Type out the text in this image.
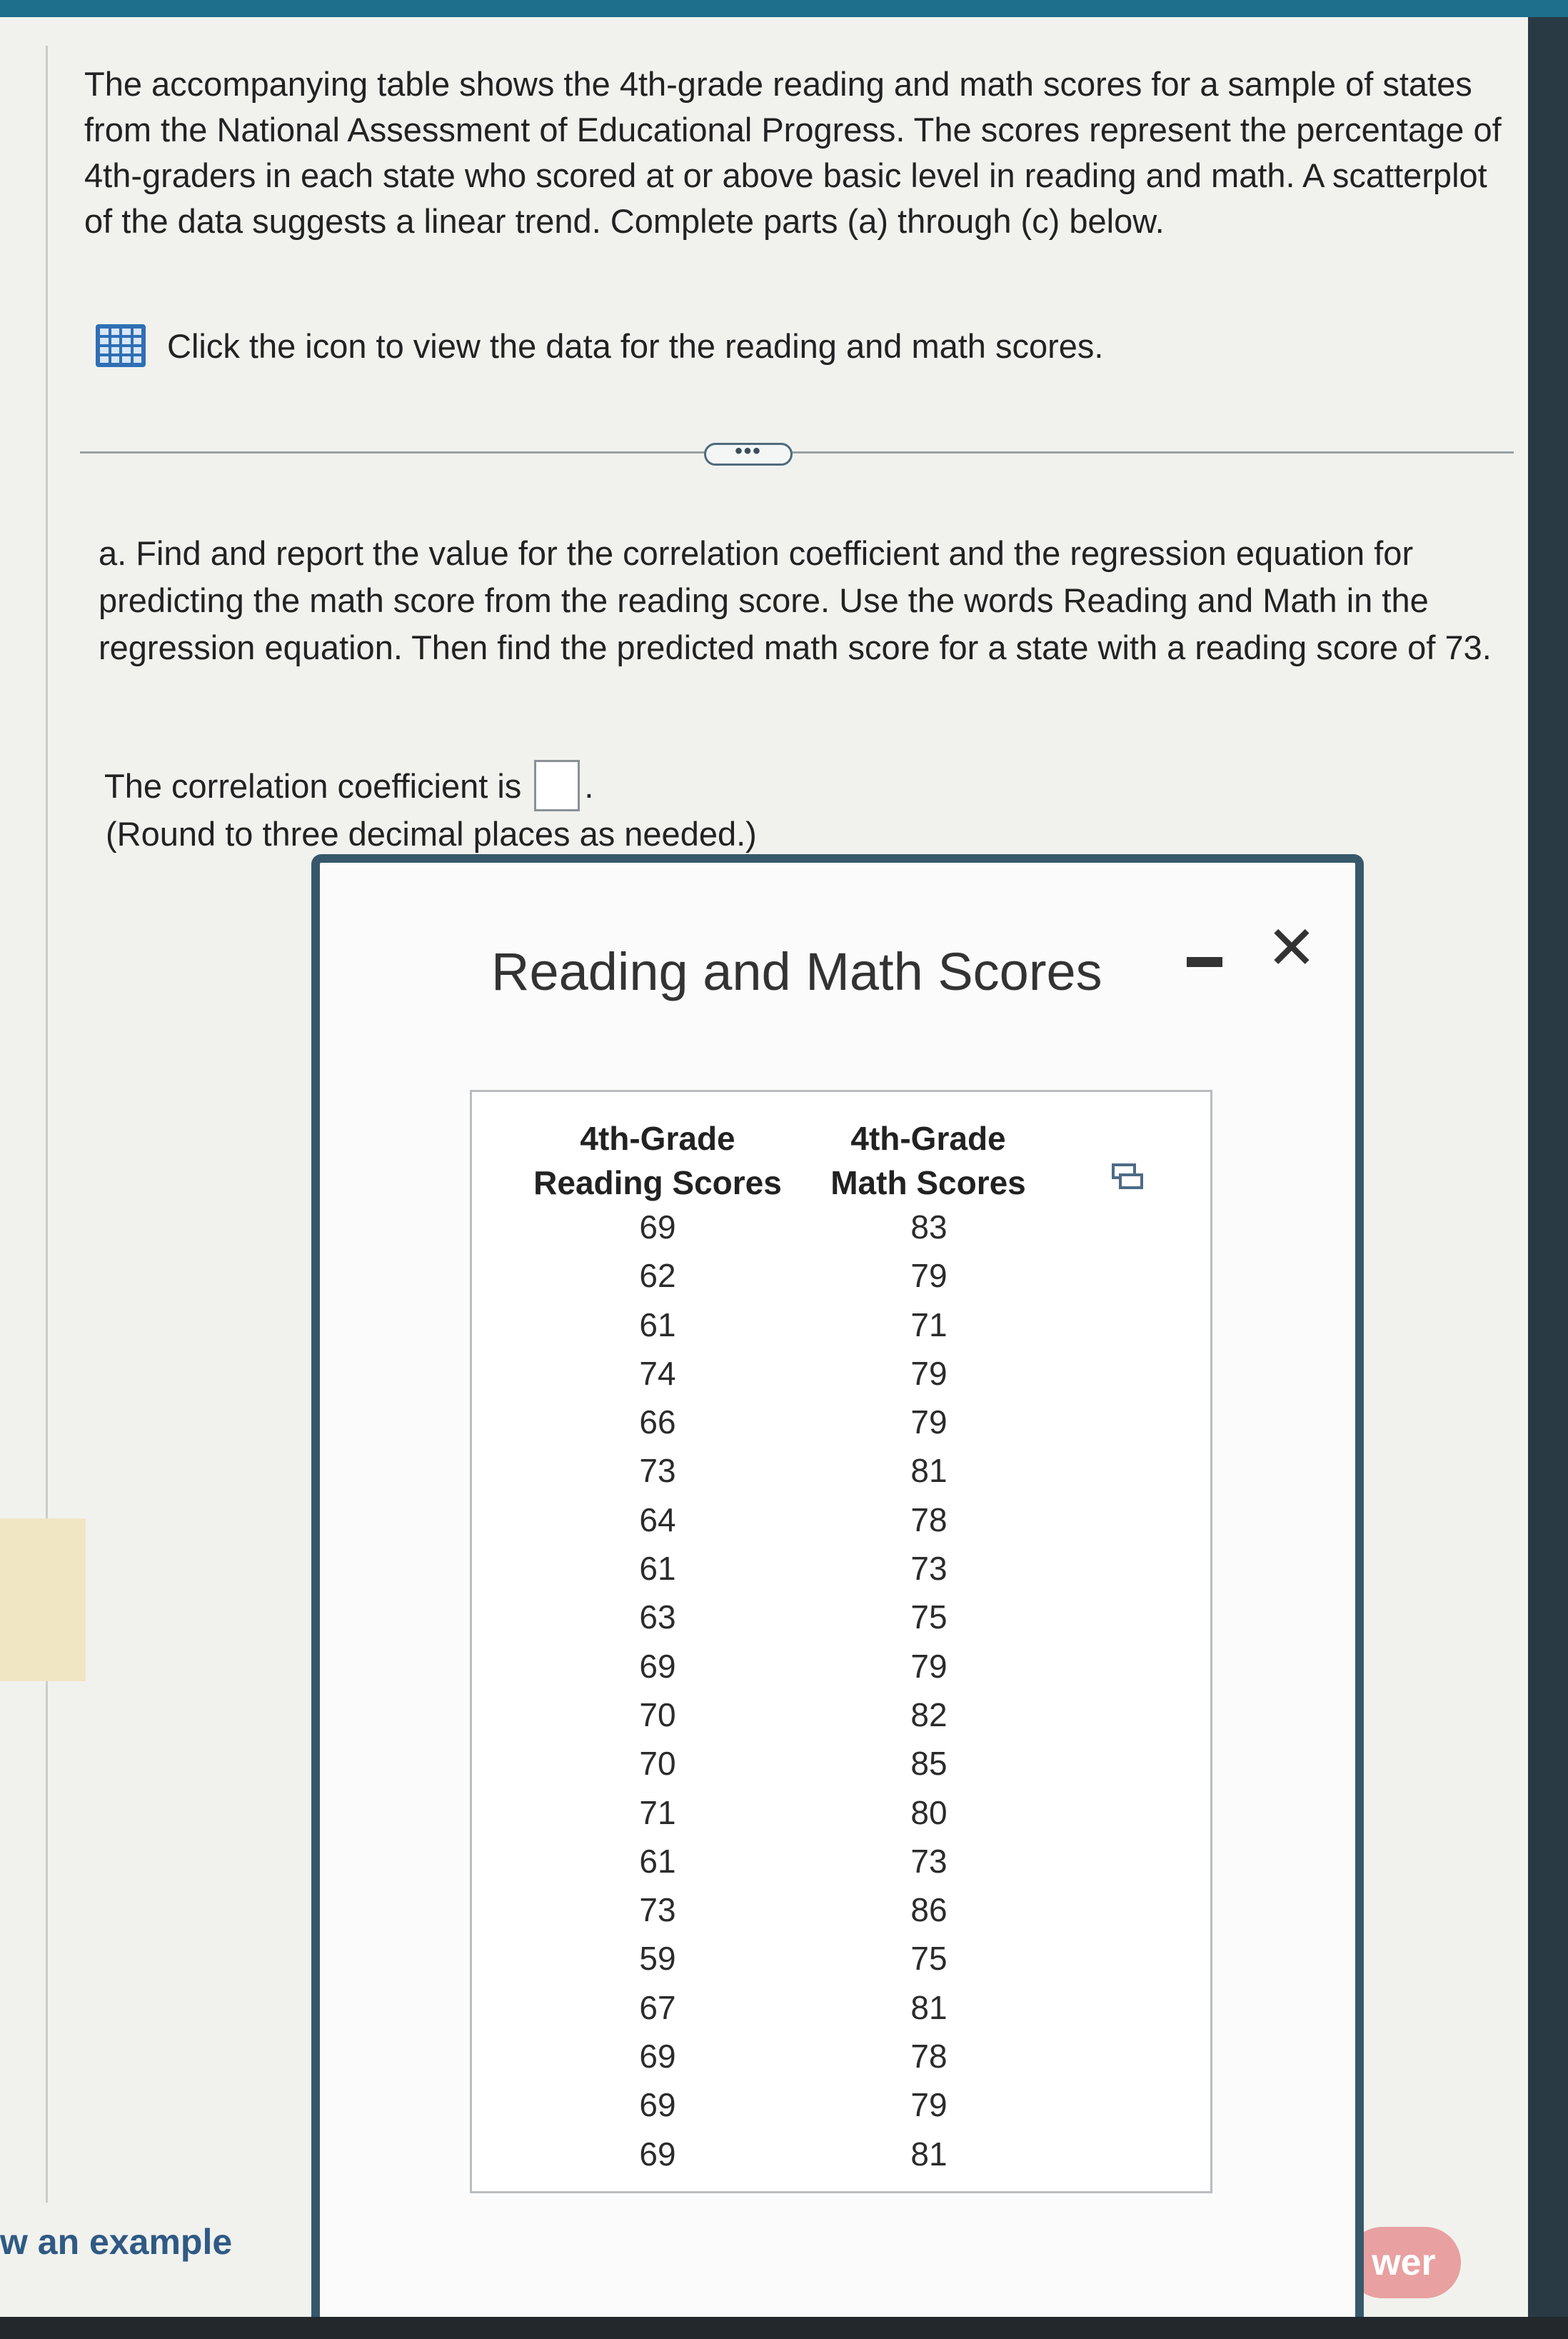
The accompanying table shows the 4th-grade reading and math scores for a sample of states from the National Assessment of Educational Progress. The scores represent the percentage of 4th-graders in each state who scored at or above basic level in reading and math. A scatterplot of the data suggests a linear trend. Complete parts (a) through (c) below.

Click the icon to view the data for the reading and math scores.
•••

a. Find and report the value for the correlation coefficient and the regression equation for predicting the math score from the reading score. Use the words Reading and Math in the regression equation. Then find the predicted math score for a state with a reading score of 73.

The correlation coefficient is .
(Round to three decimal places as needed.)
w an example	wer
Reading and Math Scores	✕
4th-Grade
Reading Scores
4th-Grade
Math Scores
69	83
62	79
61	71
74	79
66	79
73	81
64	78
61	73
63	75
69	79
70	82
70	85
71	80
61	73
73	86
59	75
67	81
69	78
69	79
69	81
